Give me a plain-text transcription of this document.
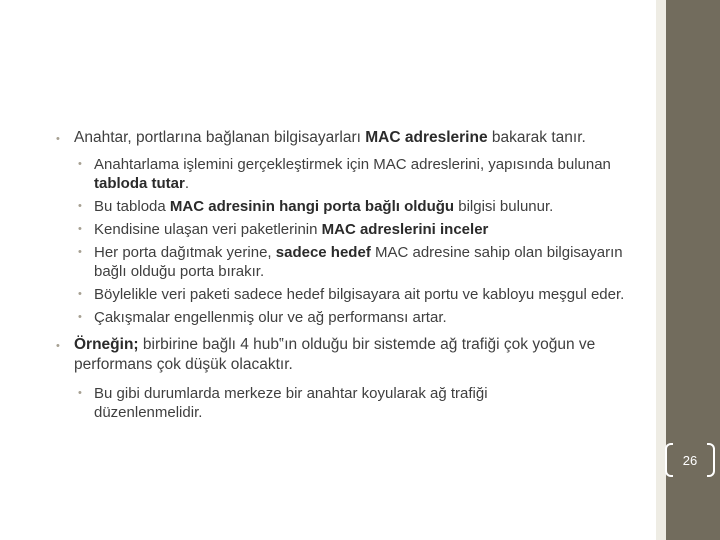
• Anahtar, portlarına bağlanan bilgisayarları MAC adreslerine bakarak tanır.
• Anahtarlama işlemini gerçekleştirmek için MAC adreslerini, yapısında bulunan tabloda tutar.
• Bu tabloda MAC adresinin hangi porta bağlı olduğu bilgisi bulunur.
• Kendisine ulaşan veri paketlerinin MAC adreslerini inceler
• Her porta dağıtmak yerine, sadece hedef MAC adresine sahip olan bilgisayarın bağlı olduğu porta bırakır.
• Böylelikle veri paketi sadece hedef bilgisayara ait portu ve kabloyu meşgul eder.
• Çakışmalar engellenmiş olur ve ağ performansı artar.
• Örneğin; birbirine bağlı 4 hub‟ın olduğu bir sistemde ağ trafiği çok yoğun ve performans çok düşük olacaktır.
• Bu gibi durumlarda merkeze bir anahtar koyularak ağ trafiği düzenlenmelidir.
26
